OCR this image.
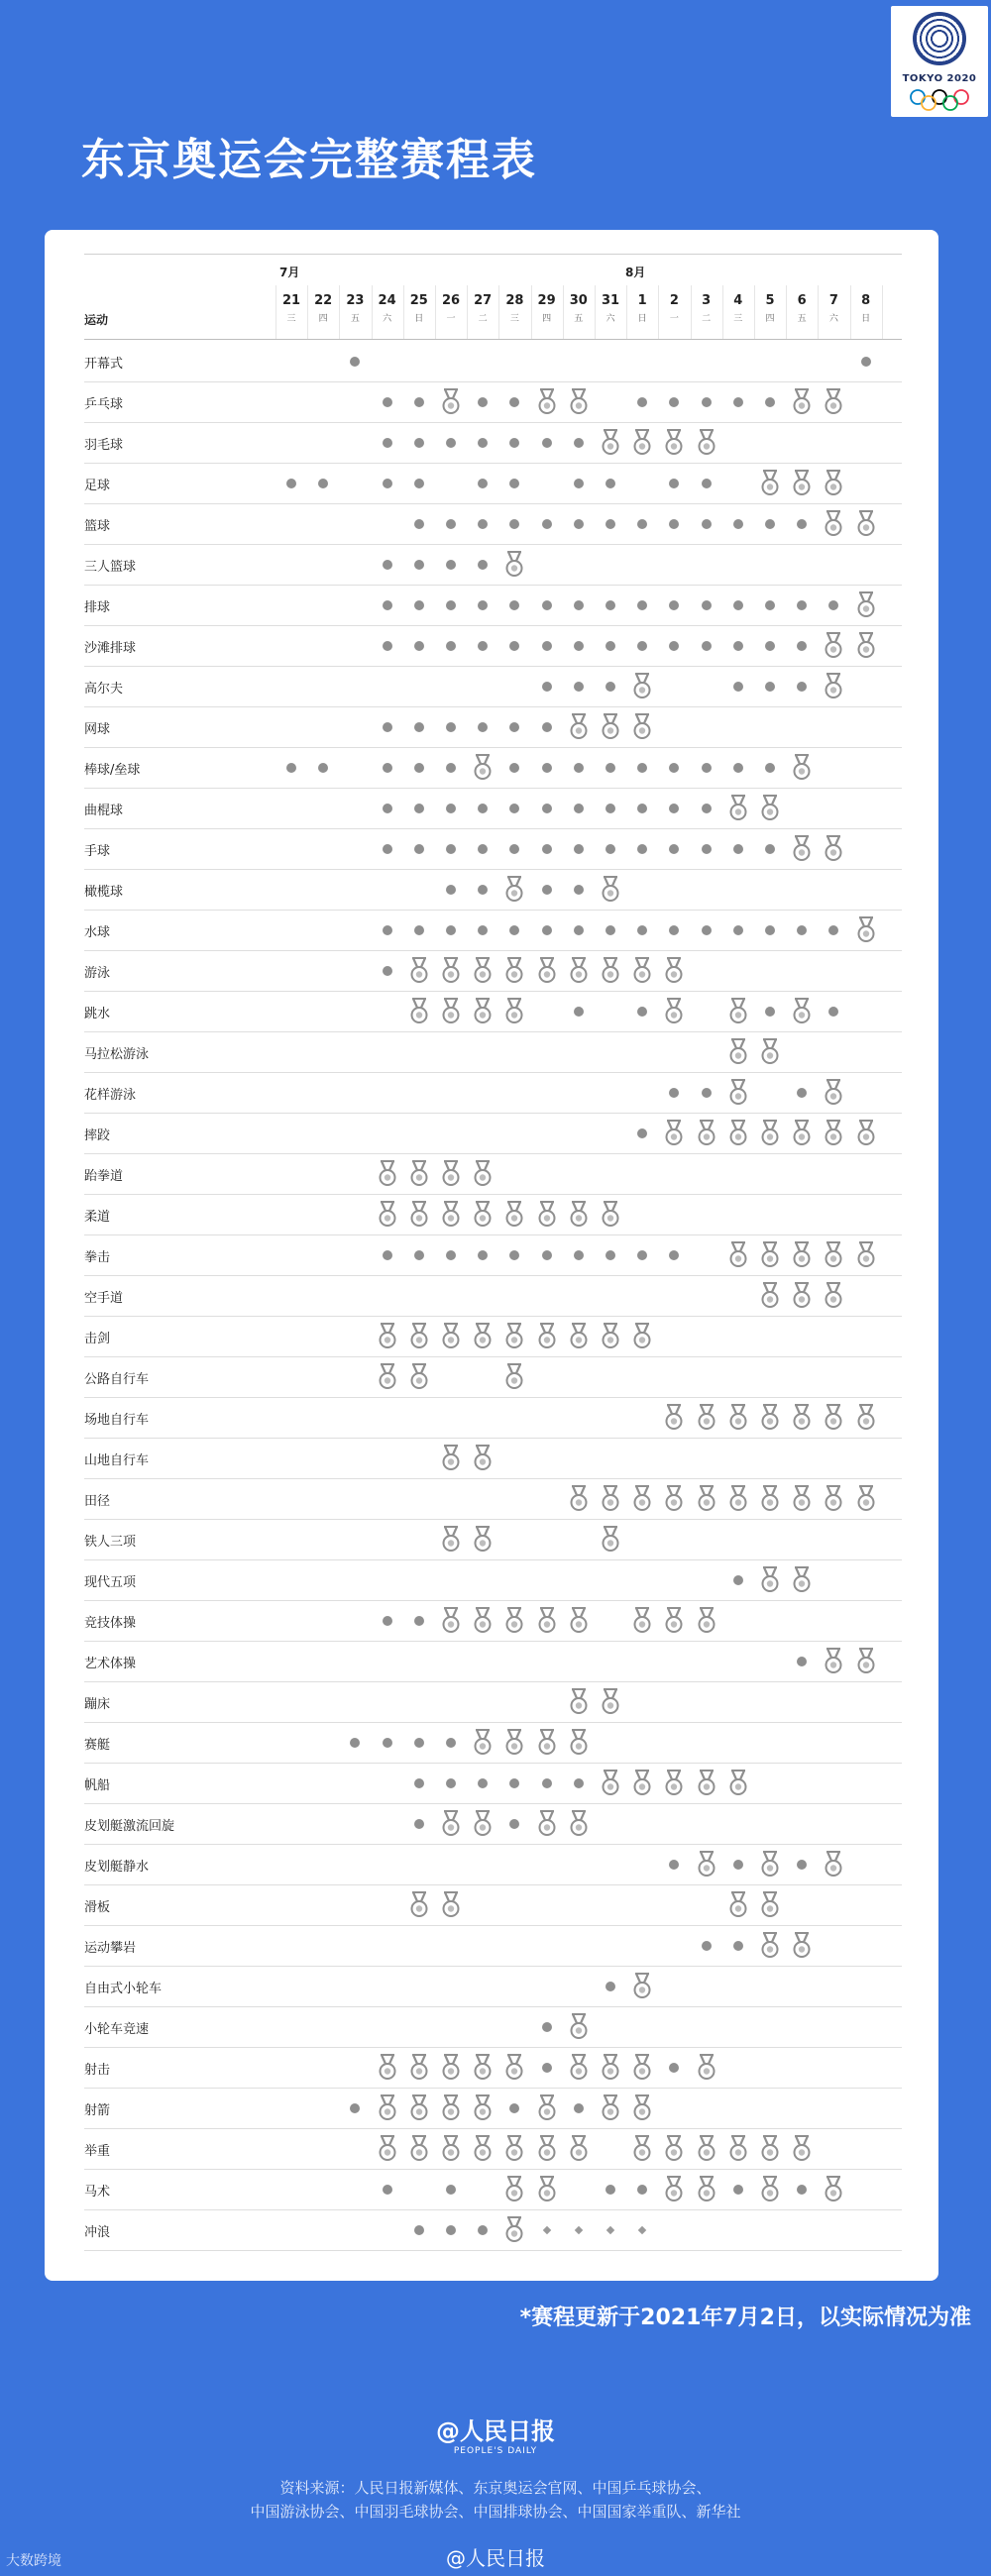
TOKYO 2020
东京奥运会完整赛程表
7月	8月
运动
21
三
22
四
23
五
24
六
25
日
26
一
27
二
28
三
29
四
30
五
31
六
1
日
2
一
3
二
4
三
5
四
6
五
7
六
8
日
开幕式
乒乓球
羽毛球
足球
篮球
三人篮球
排球
沙滩排球
高尔夫
网球
棒球/垒球
曲棍球
手球
橄榄球
水球
游泳
跳水
马拉松游泳
花样游泳
摔跤
跆拳道
柔道
拳击
空手道
击剑
公路自行车
场地自行车
山地自行车
田径
铁人三项
现代五项
竞技体操
艺术体操
蹦床
赛艇
帆船
皮划艇激流回旋
皮划艇静水
滑板
运动攀岩
自由式小轮车
小轮车竞速
射击
射箭
举重
马术
冲浪
*赛程更新于2021年7月2日，以实际情况为准
@人民日报
PEOPLE'S DAILY
资料来源：人民日报新媒体、东京奥运会官网、中国乒乓球协会、
中国游泳协会、中国羽毛球协会、中国排球协会、中国国家举重队、新华社
@人民日报
大数跨境
